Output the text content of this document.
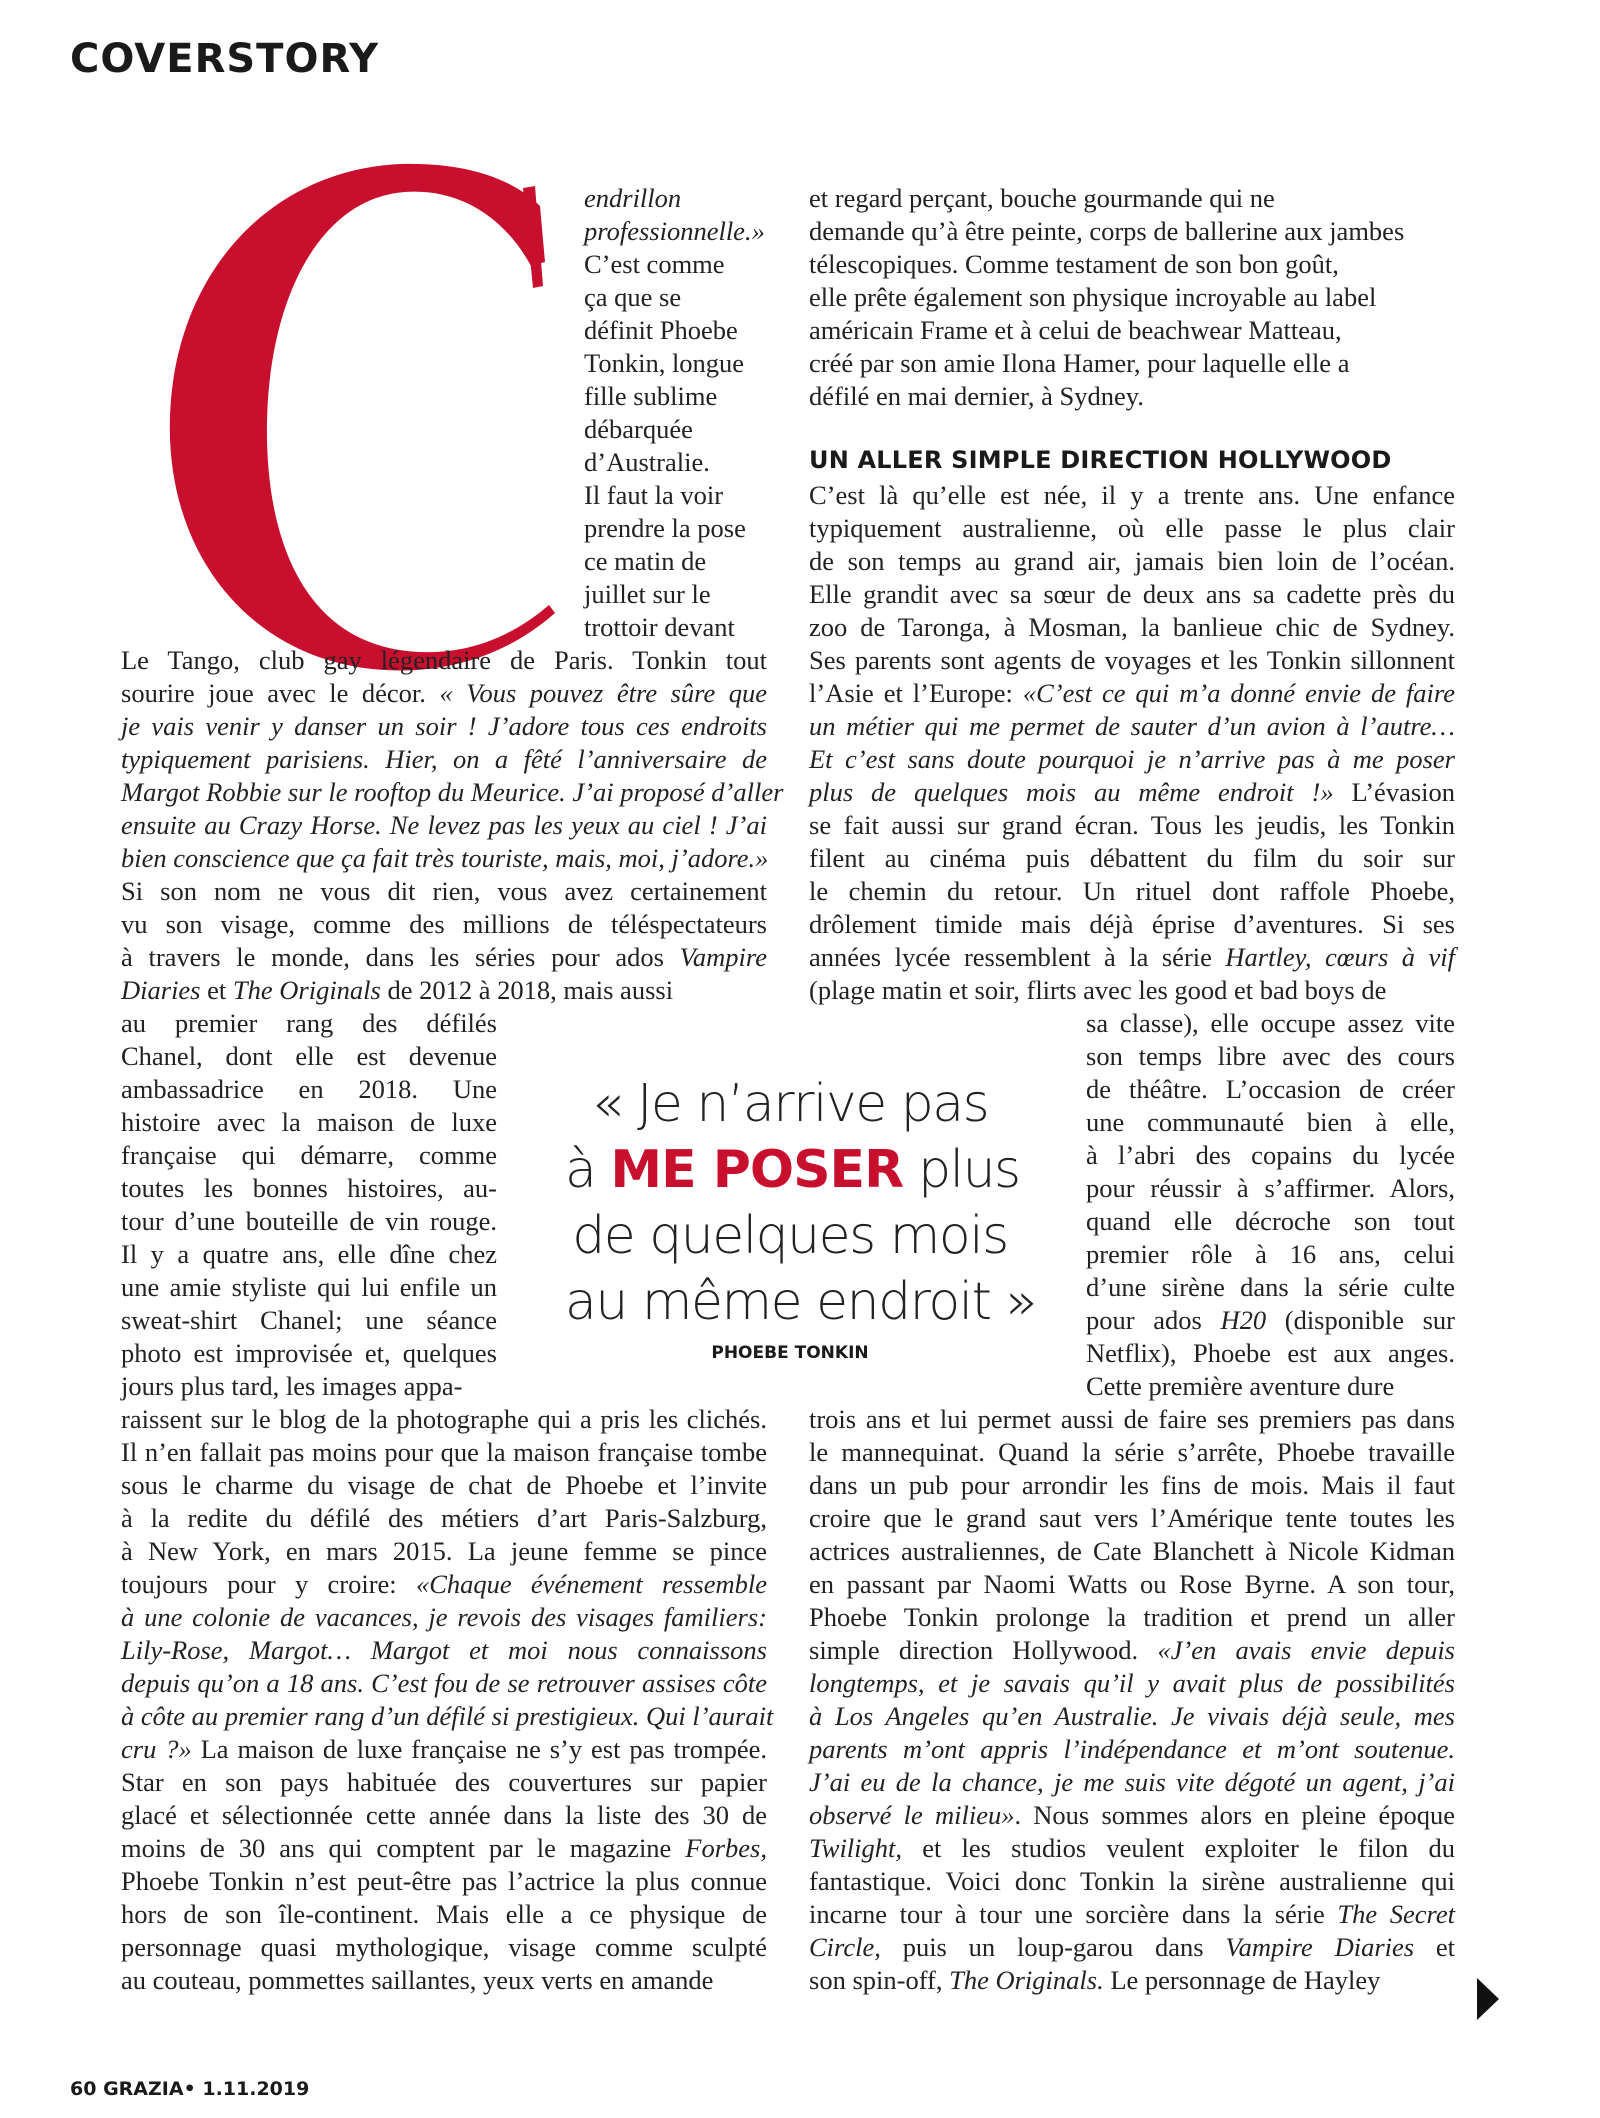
COVERSTORY
endrillon
professionnelle.»
C’est comme
ça que se
définit Phoebe
Tonkin, longue
fille sublime
débarquée
d’Australie.
Il faut la voir
prendre la pose
ce matin de
juillet sur le
trottoir devant
Le Tango, club gay légendaire de Paris. Tonkin tout
sourire joue avec le décor. « Vous pouvez être sûre que
je vais venir y danser un soir ! J’adore tous ces endroits
typiquement parisiens. Hier, on a fêté l’anniversaire de
Margot Robbie sur le rooftop du Meurice. J’ai proposé d’aller
ensuite au Crazy Horse. Ne levez pas les yeux au ciel ! J’ai
bien conscience que ça fait très touriste, mais, moi, j’adore.»
Si son nom ne vous dit rien, vous avez certainement
vu son visage, comme des millions de téléspectateurs
à travers le monde, dans les séries pour ados Vampire
Diaries et The Originals de 2012 à 2018, mais aussi
au premier rang des défilés
Chanel, dont elle est devenue
ambassadrice en 2018. Une
histoire avec la maison de luxe
française qui démarre, comme
toutes les bonnes histoires, au-
tour d’une bouteille de vin rouge.
Il y a quatre ans, elle dîne chez
une amie styliste qui lui enfile un
sweat-shirt Chanel; une séance
photo est improvisée et, quelques
jours plus tard, les images appa-
raissent sur le blog de la photographe qui a pris les clichés.
Il n’en fallait pas moins pour que la maison française tombe
sous le charme du visage de chat de Phoebe et l’invite
à la redite du défilé des métiers d’art Paris-Salzburg,
à New York, en mars 2015. La jeune femme se pince
toujours pour y croire: «Chaque événement ressemble
à une colonie de vacances, je revois des visages familiers:
Lily-Rose, Margot… Margot et moi nous connaissons
depuis qu’on a 18 ans. C’est fou de se retrouver assises côte
à côte au premier rang d’un défilé si prestigieux. Qui l’aurait
cru ?» La maison de luxe française ne s’y est pas trompée.
Star en son pays habituée des couvertures sur papier
glacé et sélectionnée cette année dans la liste des 30 de
moins de 30 ans qui comptent par le magazine Forbes,
Phoebe Tonkin n’est peut-être pas l’actrice la plus connue
hors de son île-continent. Mais elle a ce physique de
personnage quasi mythologique, visage comme sculpté
au couteau, pommettes saillantes, yeux verts en amande
et regard perçant, bouche gourmande qui ne
demande qu’à être peinte, corps de ballerine aux jambes
télescopiques. Comme testament de son bon goût,
elle prête également son physique incroyable au label
américain Frame et à celui de beachwear Matteau,
créé par son amie Ilona Hamer, pour laquelle elle a
défilé en mai dernier, à Sydney.
UN ALLER SIMPLE DIRECTION HOLLYWOOD
C’est là qu’elle est née, il y a trente ans. Une enfance
typiquement australienne, où elle passe le plus clair
de son temps au grand air, jamais bien loin de l’océan.
Elle grandit avec sa sœur de deux ans sa cadette près du
zoo de Taronga, à Mosman, la banlieue chic de Sydney.
Ses parents sont agents de voyages et les Tonkin sillonnent
l’Asie et l’Europe: «C’est ce qui m’a donné envie de faire
un métier qui me permet de sauter d’un avion à l’autre…
Et c’est sans doute pourquoi je n’arrive pas à me poser
plus de quelques mois au même endroit !» L’évasion
se fait aussi sur grand écran. Tous les jeudis, les Tonkin
filent au cinéma puis débattent du film du soir sur
le chemin du retour. Un rituel dont raffole Phoebe,
drôlement timide mais déjà éprise d’aventures. Si ses
années lycée ressemblent à la série Hartley, cœurs à vif
(plage matin et soir, flirts avec les good et bad boys de
sa classe), elle occupe assez vite
son temps libre avec des cours
de théâtre. L’occasion de créer
une communauté bien à elle,
à l’abri des copains du lycée
pour réussir à s’affirmer. Alors,
quand elle décroche son tout
premier rôle à 16 ans, celui
d’une sirène dans la série culte
pour ados H20 (disponible sur
Netflix), Phoebe est aux anges.
Cette première aventure dure
trois ans et lui permet aussi de faire ses premiers pas dans
le mannequinat. Quand la série s’arrête, Phoebe travaille
dans un pub pour arrondir les fins de mois. Mais il faut
croire que le grand saut vers l’Amérique tente toutes les
actrices australiennes, de Cate Blanchett à Nicole Kidman
en passant par Naomi Watts ou Rose Byrne. A son tour,
Phoebe Tonkin prolonge la tradition et prend un aller
simple direction Hollywood. «J’en avais envie depuis
longtemps, et je savais qu’il y avait plus de possibilités
à Los Angeles qu’en Australie. Je vivais déjà seule, mes
parents m’ont appris l’indépendance et m’ont soutenue.
J’ai eu de la chance, je me suis vite dégoté un agent, j’ai
observé le milieu». Nous sommes alors en pleine époque
Twilight, et les studios veulent exploiter le filon du
fantastique. Voici donc Tonkin la sirène australienne qui
incarne tour à tour une sorcière dans la série The Secret
Circle, puis un loup-garou dans Vampire Diaries et
son spin-off, The Originals. Le personnage de Hayley
« Je n’arrive pas
à ME POSER plus
de quelques mois
au même endroit »
PHOEBE TONKIN
60 GRAZIA• 1.11.2019
